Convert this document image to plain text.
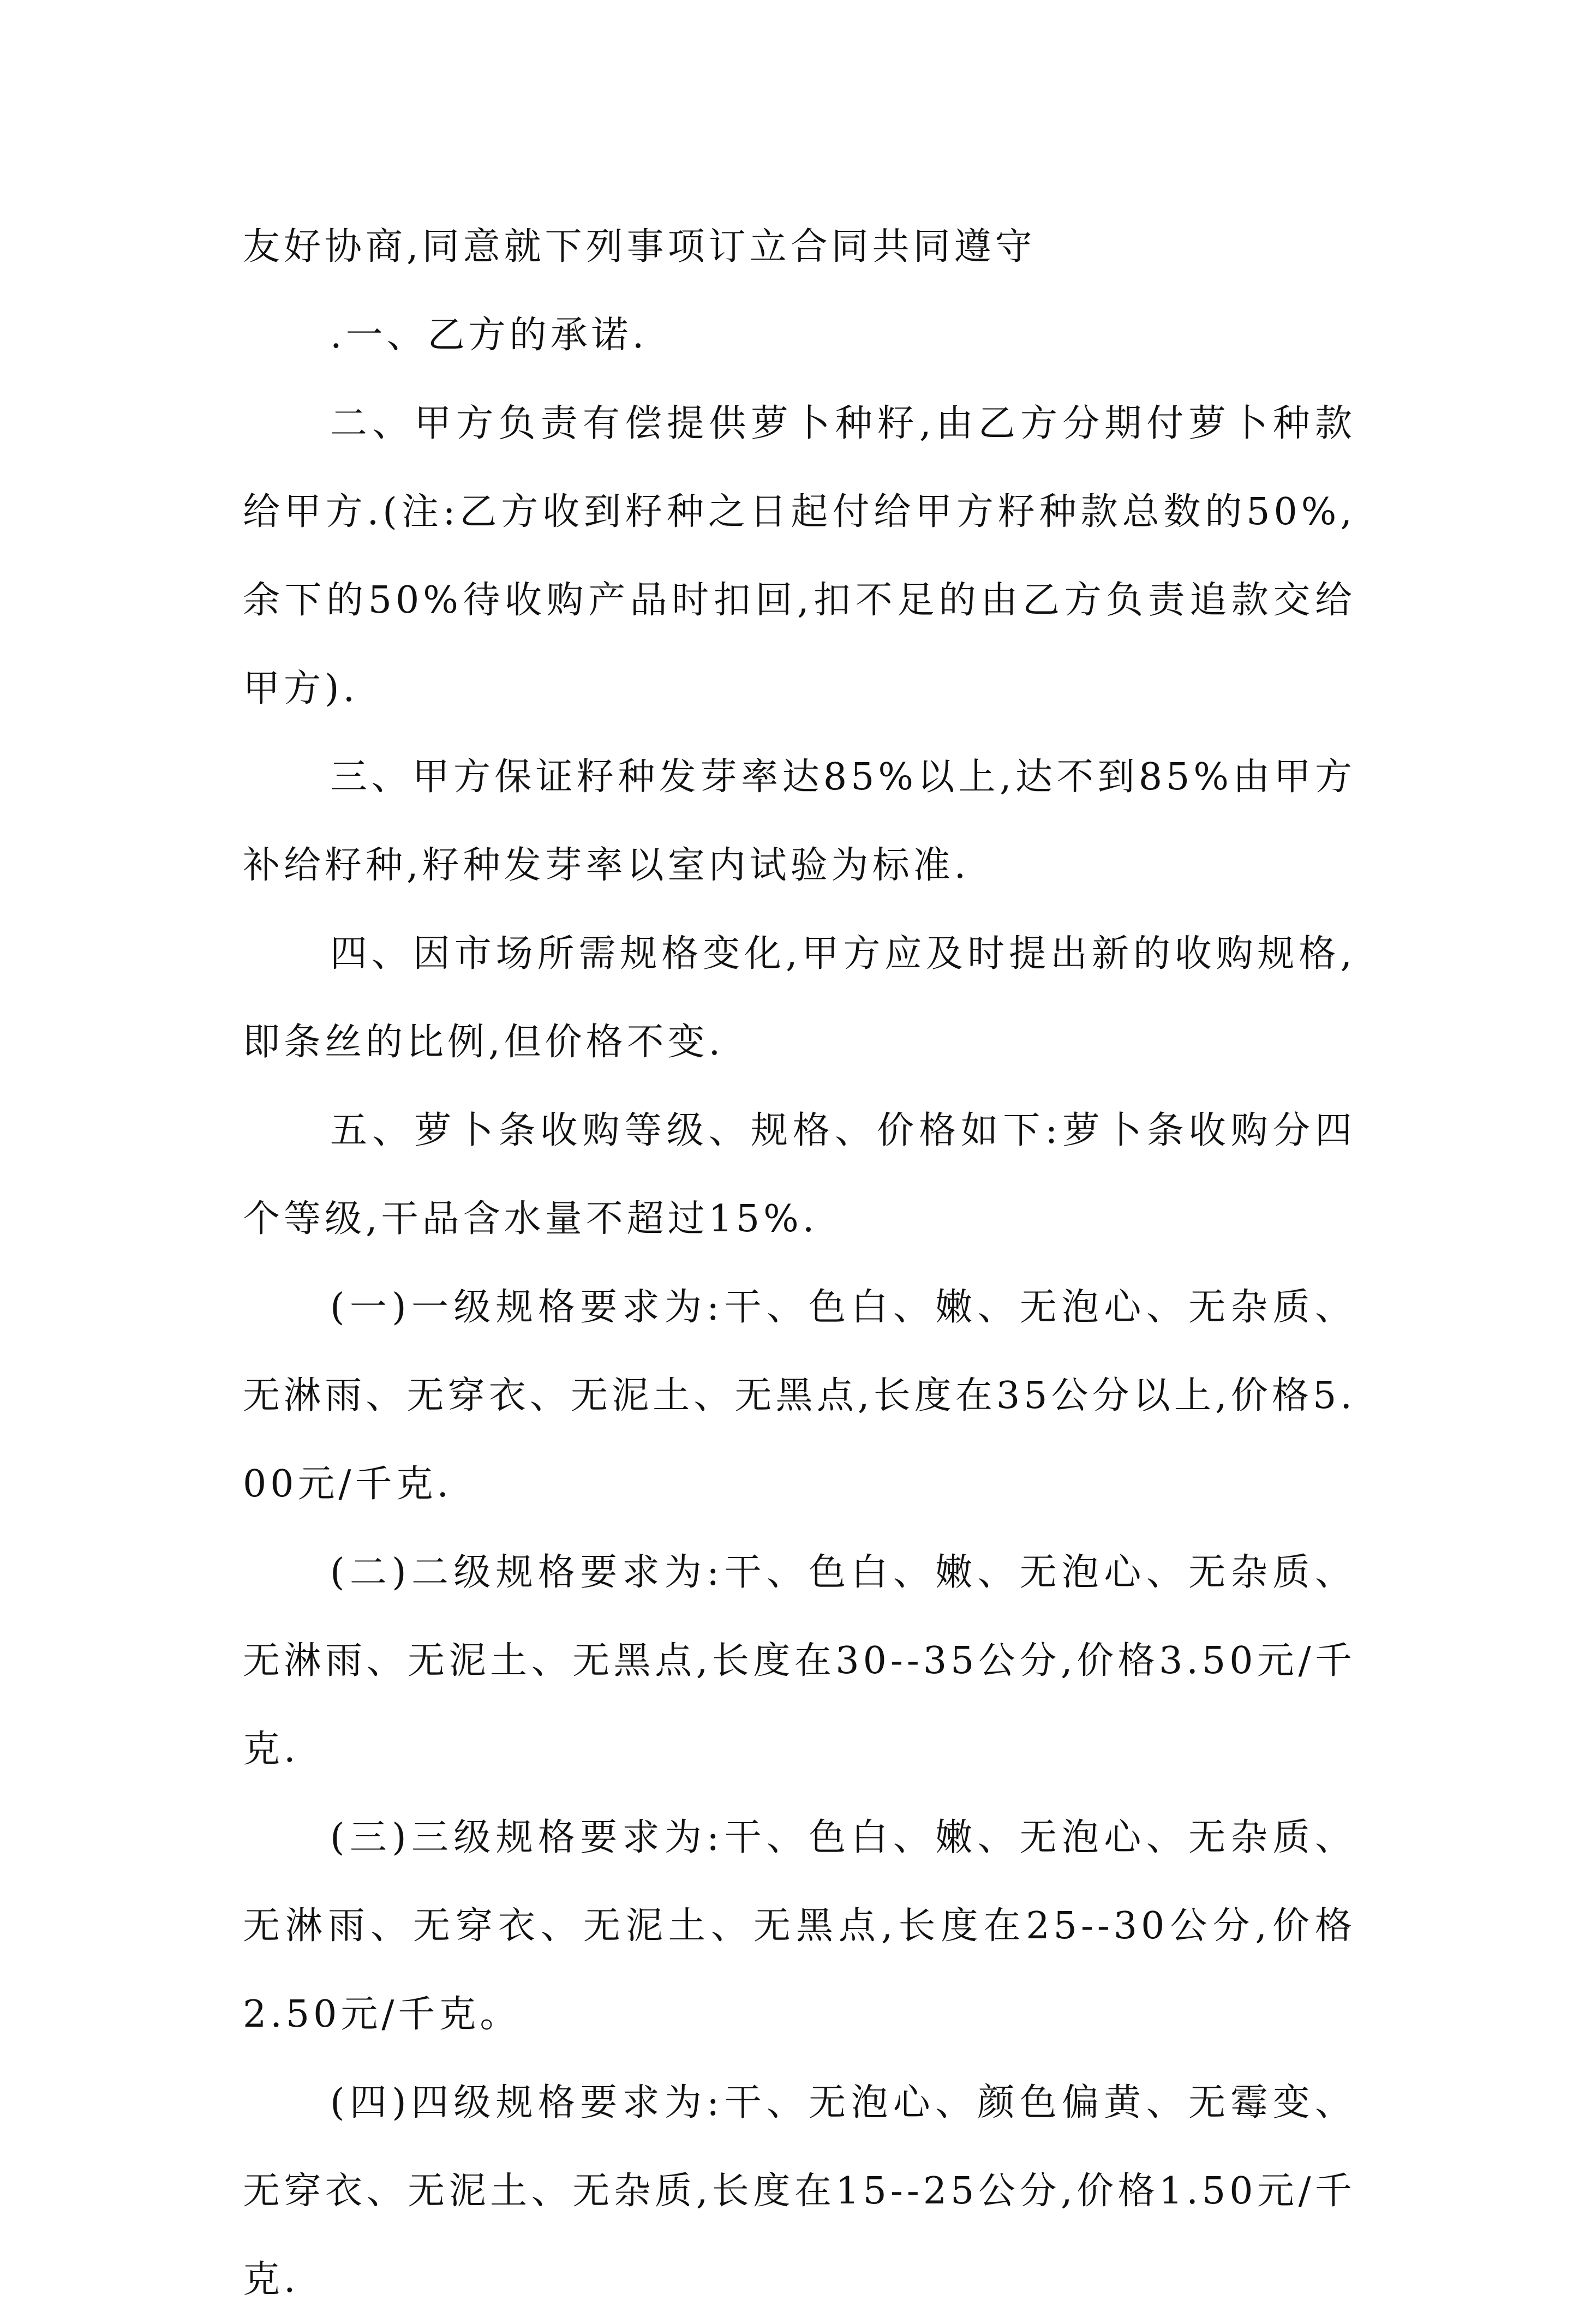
友好协商,同意就下列事项订立合同共同遵守

.一、乙方的承诺.

二、甲方负责有偿提供萝卜种籽,由乙方分期付萝卜种款给甲方.(注:乙方收到籽种之日起付给甲方籽种款总数的50%,余下的50%待收购产品时扣回,扣不足的由乙方负责追款交给甲方).

三、甲方保证籽种发芽率达85%以上,达不到85%由甲方补给籽种,籽种发芽率以室内试验为标准.

四、因市场所需规格变化,甲方应及时提出新的收购规格,即条丝的比例,但价格不变.

五、萝卜条收购等级、规格、价格如下:萝卜条收购分四个等级,干品含水量不超过15%.

(一)一级规格要求为:干、色白、嫩、无泡心、无杂质、无淋雨、无穿衣、无泥土、无黑点,长度在35公分以上,价格5.00元/千克.

(二)二级规格要求为:干、色白、嫩、无泡心、无杂质、无淋雨、无泥土、无黑点,长度在30--35公分,价格3.50元/千克.

(三)三级规格要求为:干、色白、嫩、无泡心、无杂质、无淋雨、无穿衣、无泥土、无黑点,长度在25--30公分,价格2.50元/千克。

(四)四级规格要求为:干、无泡心、颜色偏黄、无霉变、无穿衣、无泥土、无杂质,长度在15--25公分,价格1.50元/千克.
